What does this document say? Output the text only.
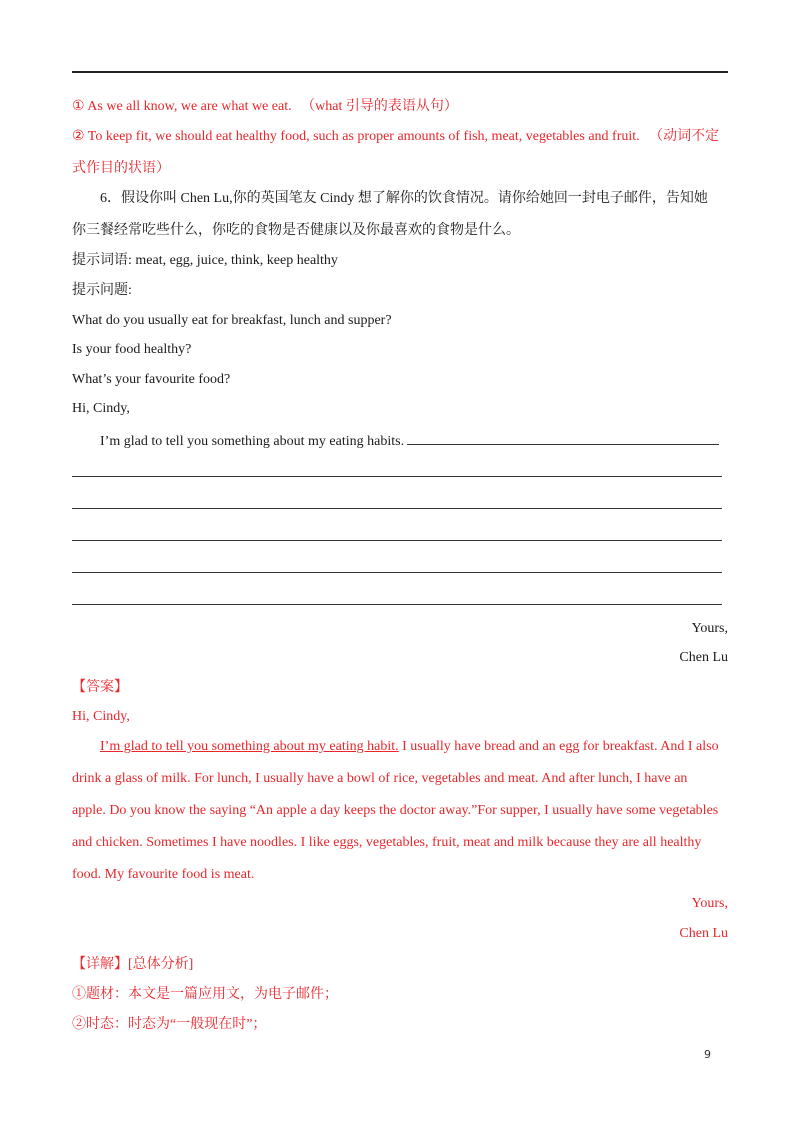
① As we all know, we are what we eat. （what 引导的表语从句）
② To keep fit, we should eat healthy food, such as proper amounts of fish, meat, vegetables and fruit. （动词不定
式作目的状语）
6．假设你叫 Chen Lu,你的英国笔友 Cindy 想了解你的饮食情况。请你给她回一封电子邮件，告知她
你三餐经常吃些什么，你吃的食物是否健康以及你最喜欢的食物是什么。
提示词语: meat, egg, juice, think, keep healthy
提示问题:
What do you usually eat for breakfast, lunch and supper?
Is your food healthy?
What’s your favourite food?
Hi, Cindy,
I’m glad to tell you something about my eating habits.
Yours,
Chen Lu
【答案】
Hi, Cindy,
I’m glad to tell you something about my eating habit. I usually have bread and an egg for breakfast. And I also
drink a glass of milk. For lunch, I usually have a bowl of rice, vegetables and meat. And after lunch, I have an
apple. Do you know the saying “An apple a day keeps the doctor away.”For supper, I usually have some vegetables
and chicken. Sometimes I have noodles. I like eggs, vegetables, fruit, meat and milk because they are all healthy
food. My favourite food is meat.
Yours,
Chen Lu
【详解】[总体分析]
①题材：本文是一篇应用文，为电子邮件；
②时态：时态为“一般现在时”；
9
